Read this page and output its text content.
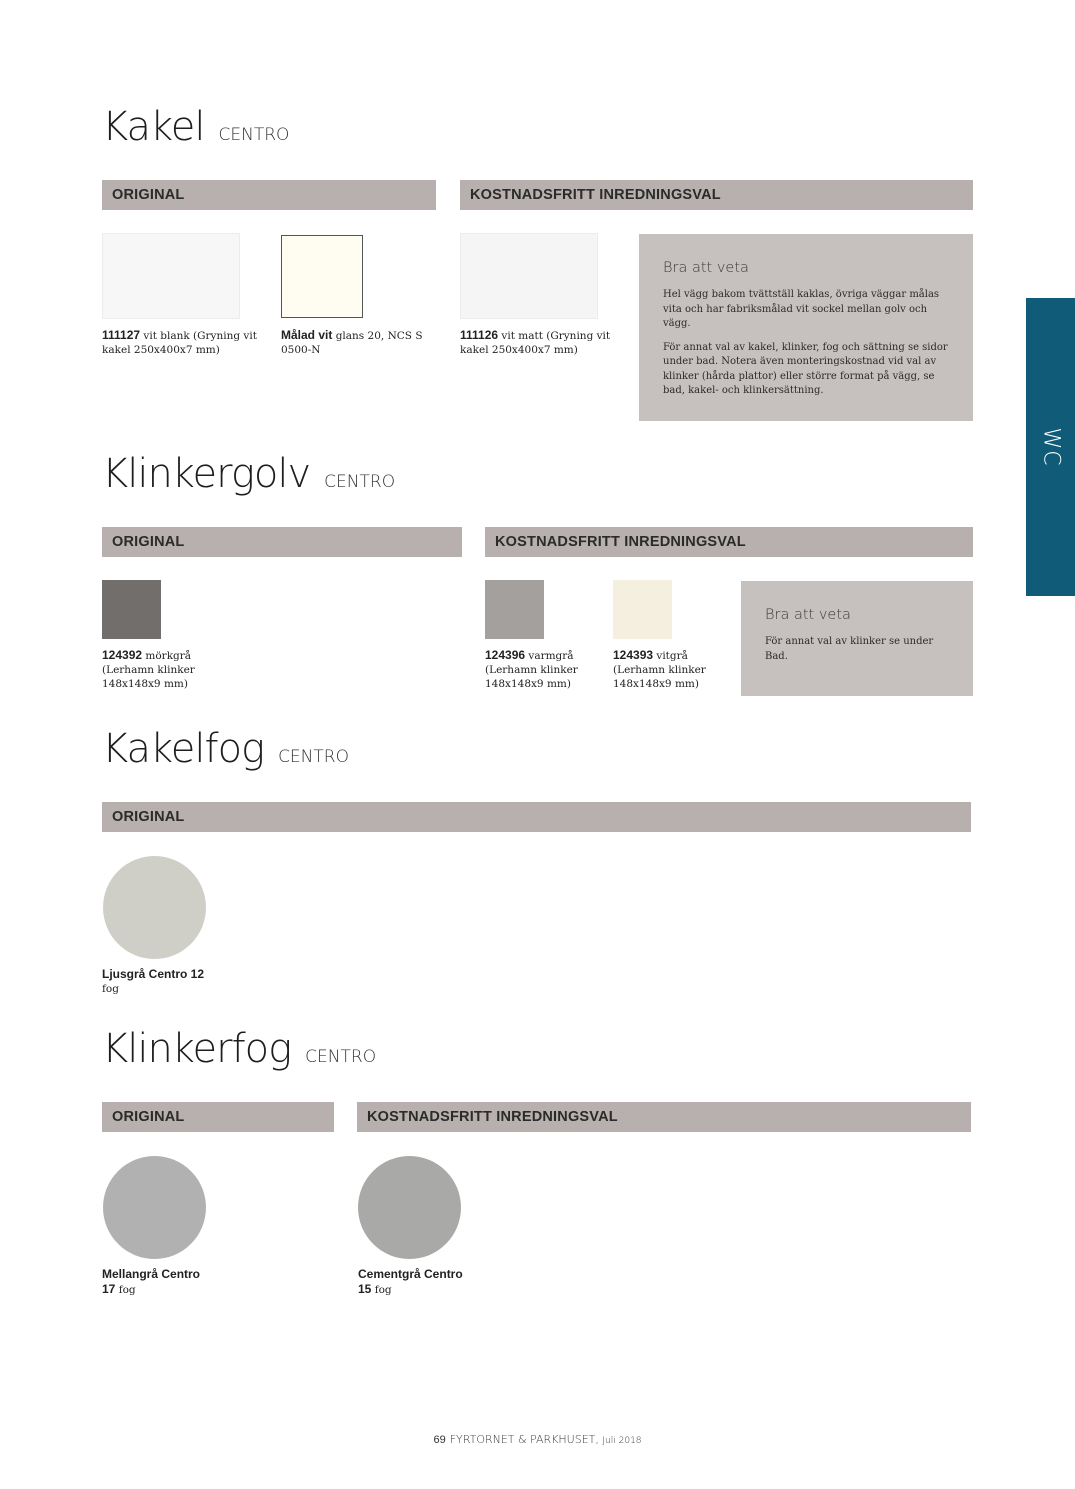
WC
Kakel CENTRO
ORIGINAL	KOSTNADSFRITT INREDNINGSVAL
111127 vit blank (Gryning vit kakel 250x400x7 mm)
Målad vit glans 20, NCS S 0500-N
111126 vit matt (Gryning vit kakel 250x400x7 mm)
Bra att veta

Hel vägg bakom tvättställ kaklas, övriga väggar målas vita och har fabriksmålad vit sockel mellan golv och vägg.

För annat val av kakel, klinker, fog och sättning se sidor under bad. Notera även monteringskostnad vid val av klinker (hårda plattor) eller större format på vägg, se bad, kakel- och klinkersättning.

Klinkergolv CENTRO
ORIGINAL	KOSTNADSFRITT INREDNINGSVAL
124392 mörkgrå (Lerhamn klinker 148x148x9 mm)
124396 varmgrå (Lerhamn klinker 148x148x9 mm)
124393 vitgrå (Lerhamn klinker 148x148x9 mm)
Bra att veta

För annat val av klinker se under Bad.

Kakelfog CENTRO
ORIGINAL
Ljusgrå Centro 12 fog
Klinkerfog CENTRO
ORIGINAL	KOSTNADSFRITT INREDNINGSVAL
Mellangrå Centro 17 fog
Cementgrå Centro 15 fog
69 FYRTORNET & PARKHUSET, Juli 2018
